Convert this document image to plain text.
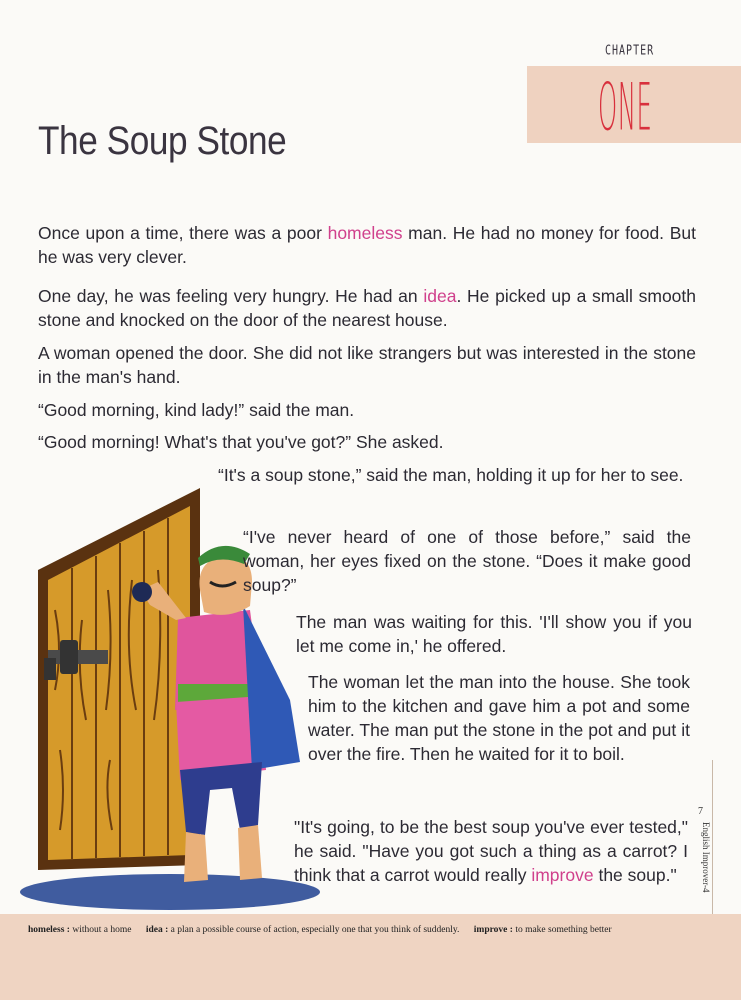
CHAPTER
ONE
The Soup Stone

Once upon a time, there was a poor homeless man. He had no money for food. But he was very clever.

One day, he was feeling very hungry. He had an idea. He picked up a small smooth stone and knocked on the door of the nearest house.

A woman opened the door. She did not like strangers but was interested in the stone in the man's hand.

“Good morning, kind lady!” said the man.

“Good morning! What's that you've got?” She asked.

“It's a soup stone,” said the man, holding it up for her to see.

“I've never heard of one of those before,” said the woman, her eyes fixed on the stone. “Does it make good soup?”

The man was waiting for this. 'I'll show you if you let me come in,' he offered.

The woman let the man into the house. She took him to the kitchen and gave him a pot and some water. The man put the stone in the pot and put it over the fire. Then he waited for it to boil.

"It's going, to be the best soup you've ever tested," he said. "Have you got such a thing as a carrot? I think that a carrot would really improve the soup."

7
English Improver-4
homeless : without a home idea : a plan a possible course of action, especially one that you think of suddenly. improve : to make something better
